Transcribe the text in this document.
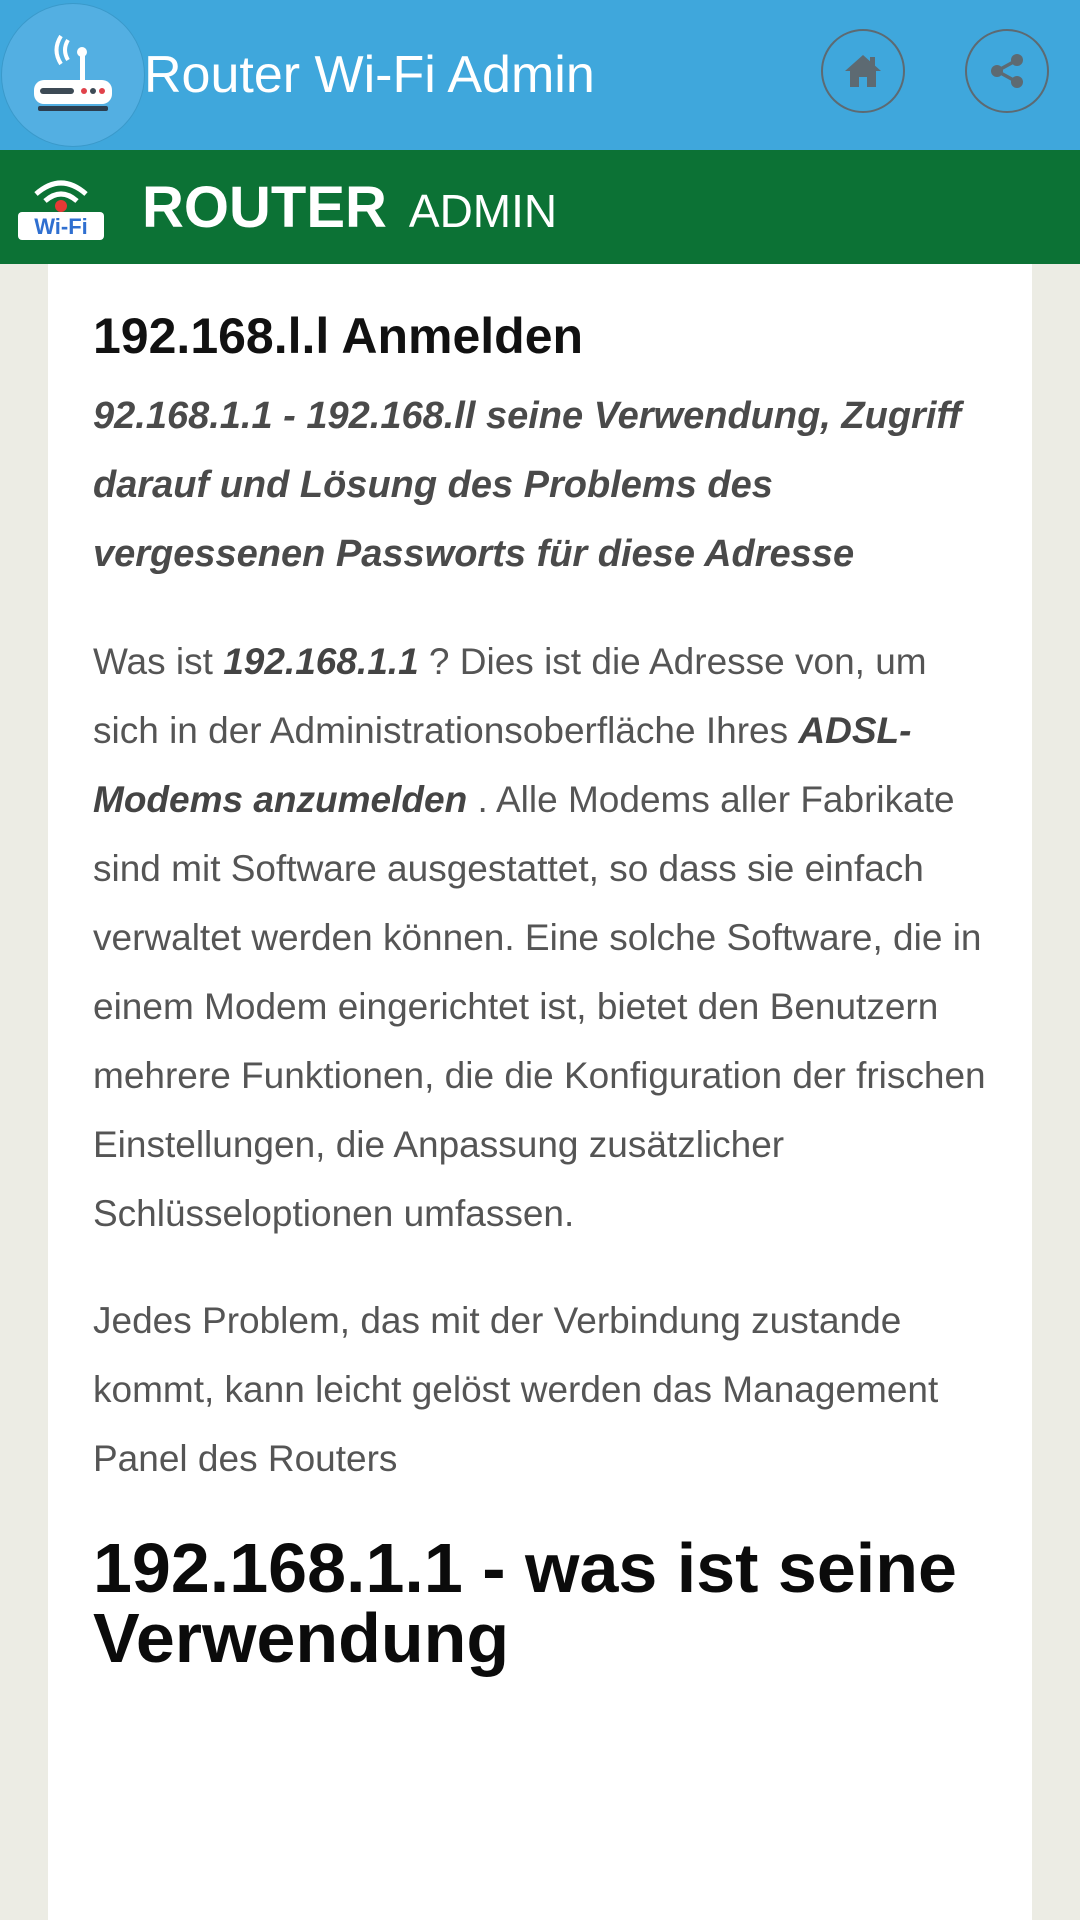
Router Wi-Fi Admin
Wi-Fi ROUTER ADMIN
192.168.l.l Anmelden

92.168.1.1 - 192.168.ll seine Verwendung, Zugriff darauf und Lösung des Problems des vergessenen Passworts für diese Adresse

Was ist 192.168.1.1 ? Dies ist die Adresse von, um sich in der Administrationsoberfläche Ihres ADSL-Modems anzumelden . Alle Modems aller Fabrikate sind mit Software ausgestattet, so dass sie einfach verwaltet werden können. Eine solche Software, die in einem Modem eingerichtet ist, bietet den Benutzern mehrere Funktionen, die die Konfiguration der frischen Einstellungen, die Anpassung zusätzlicher Schlüsseloptionen umfassen.

Jedes Problem, das mit der Verbindung zustande kommt, kann leicht gelöst werden das Management Panel des Routers

192.168.1.1 - was ist seine Verwendung
